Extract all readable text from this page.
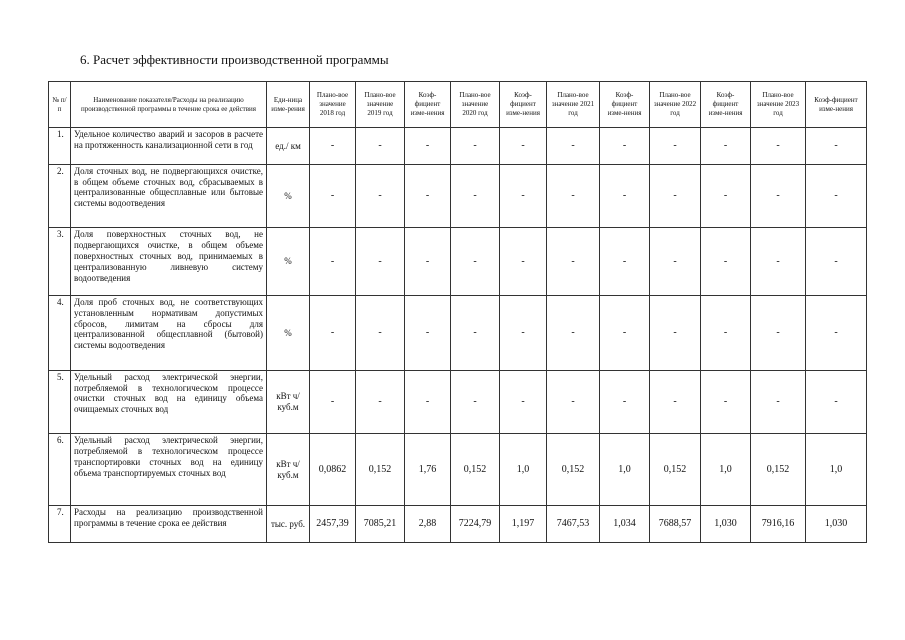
6. Расчет эффективности производственной программы
№ п/п	Наименование показателя/Расходы на реализацию производственной программы в течение срока ее действия	Еди-ница изме-рения	Плано-вое значение 2018 год	Плано-вое значение 2019 год	Коэф-фициент изме-нения	Плано-вое значение 2020 год	Коэф-фициент изме-нения	Плано-вое значение 2021 год	Коэф-фициент изме-нения	Плано-вое значение 2022 год	Коэф-фициент изме-нения	Плано-вое значение 2023 год	Коэф-фициент изме-нения
1.	Удельное количество аварий и засоров в расчете на протяженность канализационной сети в год	ед./ км	-	-	-	-	-	-	-	-	-	-	-
2.	Доля сточных вод, не подвергающихся очистке, в общем объеме сточных вод, сбрасываемых в централизованные общесплавные или бытовые системы водоотведения	%	-	-	-	-	-	-	-	-	-	-	-
3.	Доля поверхностных сточных вод, не подвергающихся очистке, в общем объеме поверхностных сточных вод, принимаемых в централизованную ливневую систему водоотведения	%	-	-	-	-	-	-	-	-	-	-	-
4.	Доля проб сточных вод, не соответствующих установленным нормативам допустимых сбросов, лимитам на сбросы для централизованной общесплавной (бытовой) системы водоотведения	%	-	-	-	-	-	-	-	-	-	-	-
5.	Удельный расход электрической энергии, потребляемой в технологическом процессе очистки сточных вод на единицу объема очищаемых сточных вод	кВт ч/куб.м	-	-	-	-	-	-	-	-	-	-	-
6.	Удельный расход электрической энергии, потребляемой в технологическом процессе транспортировки сточных вод на единицу объема транспортируемых сточных вод	кВт ч/куб.м	0,0862	0,152	1,76	0,152	1,0	0,152	1,0	0,152	1,0	0,152	1,0
7.	Расходы на реализацию производственной программы в течение срока ее действия	тыс. руб.	2457,39	7085,21	2,88	7224,79	1,197	7467,53	1,034	7688,57	1,030	7916,16	1,030
